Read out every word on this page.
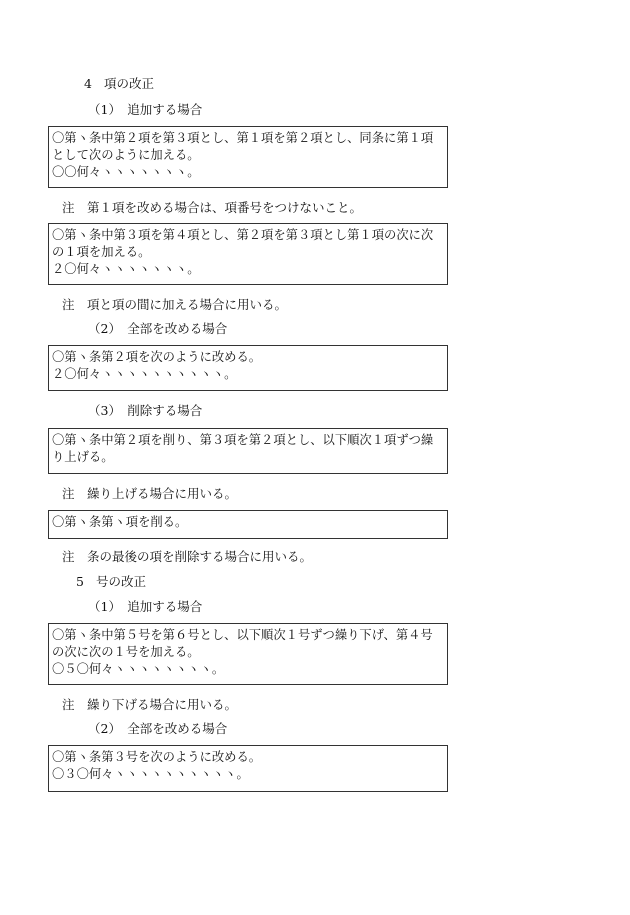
4 項の改正
（1）　追加する場合
〇第ヽ条中第２項を第３項とし、第１項を第２項とし、同条に第１項
として次のように加える。
〇〇何々ヽヽヽヽヽヽヽ。
注　第１項を改める場合は、項番号をつけないこと。
〇第ヽ条中第３項を第４項とし、第２項を第３項とし第１項の次に次
の１項を加える。
２〇何々ヽヽヽヽヽヽヽ。
注　項と項の間に加える場合に用いる。
（2）　全部を改める場合
〇第ヽ条第２項を次のように改める。
２〇何々ヽヽヽヽヽヽヽヽヽヽ。
（3）　削除する場合
〇第ヽ条中第２項を削り、第３項を第２項とし、以下順次１項ずつ繰
り上げる。
注　繰り上げる場合に用いる。
〇第ヽ条第ヽ項を削る。
注　条の最後の項を削除する場合に用いる。
5 号の改正
（1）　追加する場合
〇第ヽ条中第５号を第６号とし、以下順次１号ずつ繰り下げ、第４号
の次に次の１号を加える。
〇５〇何々ヽヽヽヽヽヽヽヽ。
注　繰り下げる場合に用いる。
（2）　全部を改める場合
〇第ヽ条第３号を次のように改める。
〇３〇何々ヽヽヽヽヽヽヽヽヽヽ。
